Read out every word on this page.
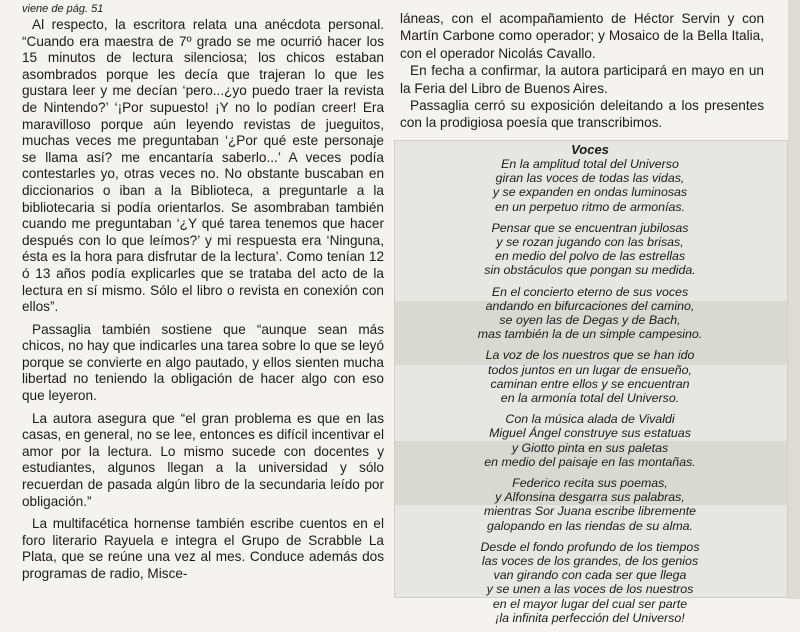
viene de pág. 51

Al respecto, la escritora relata una anécdota personal. “Cuando era maestra de 7º grado se me ocurrió hacer los 15 minutos de lectura silenciosa; los chicos estaban asombrados porque les decía que trajeran lo que les gustara leer y me decían ‘pero...¿yo puedo traer la revista de Nintendo?’ ‘¡Por supuesto! ¡Y no lo podían creer! Era maravilloso porque aún leyendo revistas de jueguitos, muchas veces me preguntaban ‘¿Por qué este personaje se llama así? me encantaría saberlo...’ A veces podía contestarles yo, otras veces no. No obstante buscaban en diccionarios o iban a la Biblioteca, a preguntarle a la bibliotecaria si podía orientarlos. Se asombraban también cuando me preguntaban ‘¿Y qué tarea tenemos que hacer después con lo que leímos?’ y mi respuesta era ‘Ninguna, ésta es la hora para disfrutar de la lectura’. Como tenían 12 ó 13 años podía explicarles que se trataba del acto de la lectura en sí mismo. Sólo el libro o revista en conexión con ellos”.

Passaglia también sostiene que “aunque sean más chicos, no hay que indicarles una tarea sobre lo que se leyó porque se convierte en algo pautado, y ellos sienten mucha libertad no teniendo la obligación de hacer algo con eso que leyeron.

La autora asegura que “el gran problema es que en las casas, en general, no se lee, entonces es difícil incentivar el amor por la lectura. Lo mismo sucede con docentes y estudiantes, algunos llegan a la universidad y sólo recuerdan de pasada algún libro de la secundaria leído por obligación.”

La multifacética hornense también escribe cuentos en el foro literario Rayuela e integra el Grupo de Scrabble La Plata, que se reúne una vez al mes. Conduce además dos programas de radio, Misce-

láneas, con el acompañamiento de Héctor Servin y con Martín Carbone como operador; y Mosaico de la Bella Italia, con el operador Nicolás Cavallo.

En fecha a confirmar, la autora participará en mayo en un la Feria del Libro de Buenos Aires.

Passaglia cerró su exposición deleitando a los presentes con la prodigiosa poesía que transcribimos.

Voces
En la amplitud total del Universo
giran las voces de todas las vidas,
y se expanden en ondas luminosas
en un perpetuo ritmo de armonías.
Pensar que se encuentran jubilosas
y se rozan jugando con las brisas,
en medio del polvo de las estrellas
sin obstáculos que pongan su medida.
En el concierto eterno de sus voces
andando en bifurcaciones del camino,
se oyen las de Degas y de Bach,
mas también la de un simple campesino.
La voz de los nuestros que se han ido
todos juntos en un lugar de ensueño,
caminan entre ellos y se encuentran
en la armonía total del Universo.
Con la música alada de Vivaldi
Miguel Ángel construye sus estatuas
y Giotto pinta en sus paletas
en medio del paisaje en las montañas.
Federico recita sus poemas,
y Alfonsina desgarra sus palabras,
mientras Sor Juana escribe libremente
galopando en las riendas de su alma.
Desde el fondo profundo de los tiempos
las voces de los grandes, de los genios
van girando con cada ser que llega
y se unen a las voces de los nuestros
en el mayor lugar del cual ser parte
¡la infinita perfección del Universo!
